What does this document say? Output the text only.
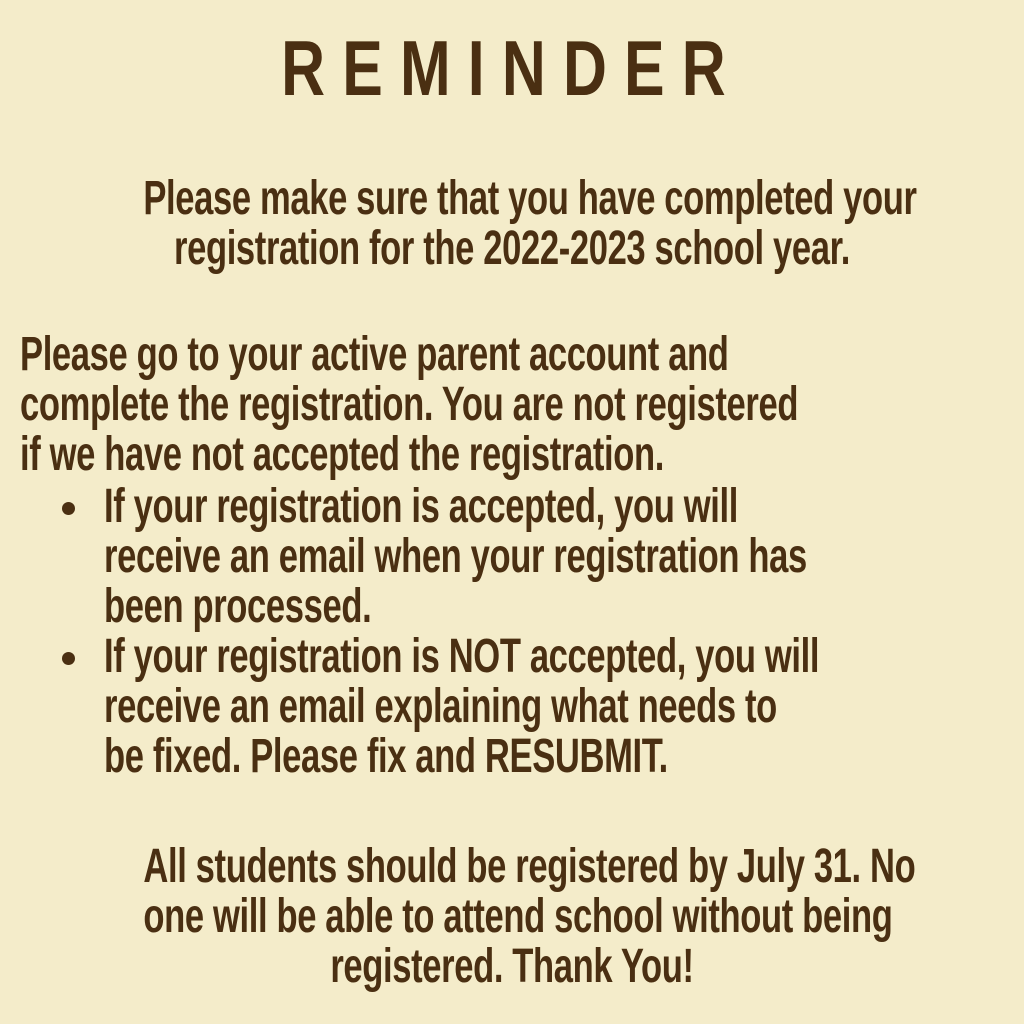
REMINDER
Please make sure that you have completed your
registration for the 2022-2023 school year.
Please go to your active parent account and
complete the registration. You are not registered
if we have not accepted the registration.
If your registration is accepted, you will
receive an email when your registration has
been processed.
If your registration is NOT accepted, you will
receive an email explaining what needs to
be fixed. Please fix and RESUBMIT.
All students should be registered by July 31. No
one will be able to attend school without being
registered. Thank You!
